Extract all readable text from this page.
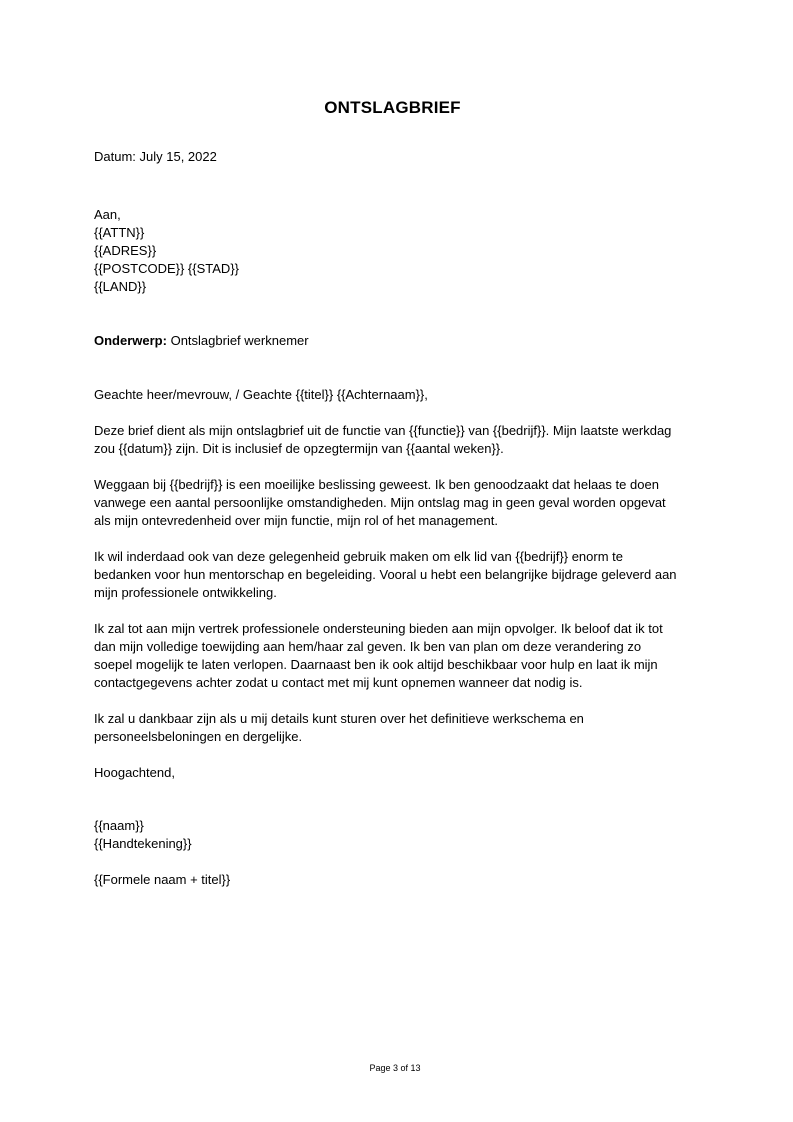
ONTSLAGBRIEF
Datum: July 15, 2022
Aan,
{{ATTN}}
{{ADRES}}
{{POSTCODE}} {{STAD}}
{{LAND}}
Onderwerp: Ontslagbrief werknemer
Geachte heer/mevrouw, / Geachte {{titel}} {{Achternaam}},
Deze brief dient als mijn ontslagbrief uit de functie van {{functie}} van {{bedrijf}}. Mijn laatste werkdag
zou {{datum}} zijn. Dit is inclusief de opzegtermijn van {{aantal weken}}.
Weggaan bij {{bedrijf}} is een moeilijke beslissing geweest. Ik ben genoodzaakt dat helaas te doen
vanwege een aantal persoonlijke omstandigheden. Mijn ontslag mag in geen geval worden opgevat
als mijn ontevredenheid over mijn functie, mijn rol of het management.
Ik wil inderdaad ook van deze gelegenheid gebruik maken om elk lid van {{bedrijf}} enorm te
bedanken voor hun mentorschap en begeleiding. Vooral u hebt een belangrijke bijdrage geleverd aan
mijn professionele ontwikkeling.
Ik zal tot aan mijn vertrek professionele ondersteuning bieden aan mijn opvolger. Ik beloof dat ik tot
dan mijn volledige toewijding aan hem/haar zal geven. Ik ben van plan om deze verandering zo
soepel mogelijk te laten verlopen. Daarnaast ben ik ook altijd beschikbaar voor hulp en laat ik mijn
contactgegevens achter zodat u contact met mij kunt opnemen wanneer dat nodig is.
Ik zal u dankbaar zijn als u mij details kunt sturen over het definitieve werkschema en
personeelsbeloningen en dergelijke.
Hoogachtend,
{{naam}}
{{Handtekening}}
{{Formele naam + titel}}
Page 3 of 13
